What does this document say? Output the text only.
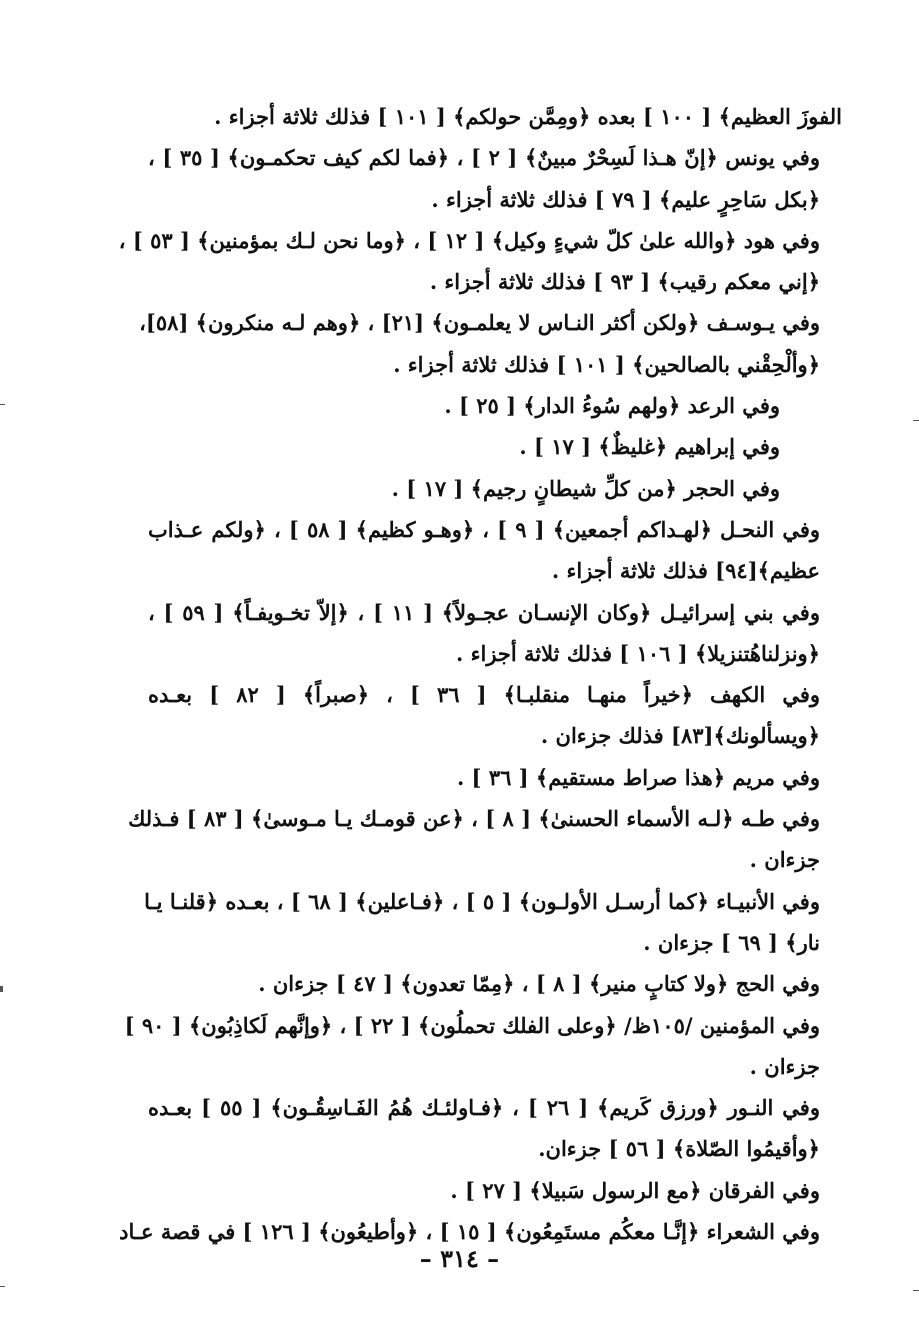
الفوزَ العظيم﴾ [ ١٠٠ ] بعده ﴿ومِمَّن حولكم﴾ [ ١٠١ ] فذلك ثلاثة أجزاء .
وفي يونس ﴿إنّ هـذا لَسِحْرٌ مبينٌ﴾ [ ٢ ] ، ﴿فما لكم كيف تحكمـون﴾ [ ٣٥ ] ،
﴿بكل سَاحِرٍ عليم﴾ [ ٧٩ ] فذلك ثلاثة أجزاء .
وفي هود ﴿والله علىٰ كلّ شيءٍ وكيل﴾ [ ١٢ ] ، ﴿وما نحن لـك بمؤمنين﴾ [ ٥٣ ] ،
﴿إني معكم رقيب﴾ [ ٩٣ ] فذلك ثلاثة أجزاء .
وفي يـوسـف ﴿ولكن أكثر النـاس لا يعلمـون﴾ [٢١] ، ﴿وهم لـه منكرون﴾ [٥٨]،
﴿وألْحِقْني بالصالحين﴾ [ ١٠١ ] فذلك ثلاثة أجزاء .
وفي الرعد ﴿ولهم سُوءُ الدار﴾ [ ٢٥ ] .
وفي إبراهيم ﴿غليظٌ﴾ [ ١٧ ] .
وفي الحجر ﴿من كلِّ شيطانٍ رجيم﴾ [ ١٧ ] .
وفي النحـل ﴿لهـداكم أجمعين﴾ [ ٩ ] ، ﴿وهـو كظيم﴾ [ ٥٨ ] ، ﴿ولكم عـذاب
عظيم﴾[٩٤] فذلك ثلاثة أجزاء .
وفي بني إسرائيـل ﴿وكان الإنسـان عجـولاً﴾ [ ١١ ] ، ﴿إلاّ تخـويفـاً﴾ [ ٥٩ ] ،
﴿ونزلناهُتنزيلا﴾ [ ١٠٦ ] فذلك ثلاثة أجزاء .
وفي الكهف ﴿خيراً منهـا منقلبـا﴾ [ ٣٦ ] ، ﴿صبراً﴾ [ ٨٢ ] بعـده
﴿ويسألونك﴾[٨٣] فذلك جزءان .
وفي مريم ﴿هذا صراط مستقيم﴾ [ ٣٦ ] .
وفي طـه ﴿لـه الأسماء الحسنىٰ﴾ [ ٨ ] ، ﴿عن قومـك يـا مـوسىٰ﴾ [ ٨٣ ] فـذلك
جزءان .
وفي الأنبيـاء ﴿كما أرسـل الأولـون﴾ [ ٥ ] ، ﴿فـاعلين﴾ [ ٦٨ ] ، بعـده ﴿قلنـا يـا
نار﴾ [ ٦٩ ] جزءان .
وفي الحج ﴿ولا كتابٍ منير﴾ [ ٨ ] ، ﴿مِمّا تعدون﴾ [ ٤٧ ] جزءان .
وفي المؤمنين /١٠٥ظ/ ﴿وعلى الفلك تحملُون﴾ [ ٢٢ ] ، ﴿وإنَّهم لَكاذِبُون﴾ [ ٩٠ ]
جزءان .
وفي النـور ﴿ورزق كَريم﴾ [ ٢٦ ] ، ﴿فـاولئـك هُمُ الفَـاسِقُـون﴾ [ ٥٥ ] بعـده
﴿وأقيمُوا الصّلاة﴾ [ ٥٦ ] جزءان.
وفي الفرقان ﴿مع الرسول سَبيلا﴾ [ ٢٧ ] .
وفي الشعراء ﴿إنَّـا معكُم مستَمِعُون﴾ [ ١٥ ] ، ﴿وأطيعُون﴾ [ ١٢٦ ] في قصة عـاد
– ٣١٤ –
